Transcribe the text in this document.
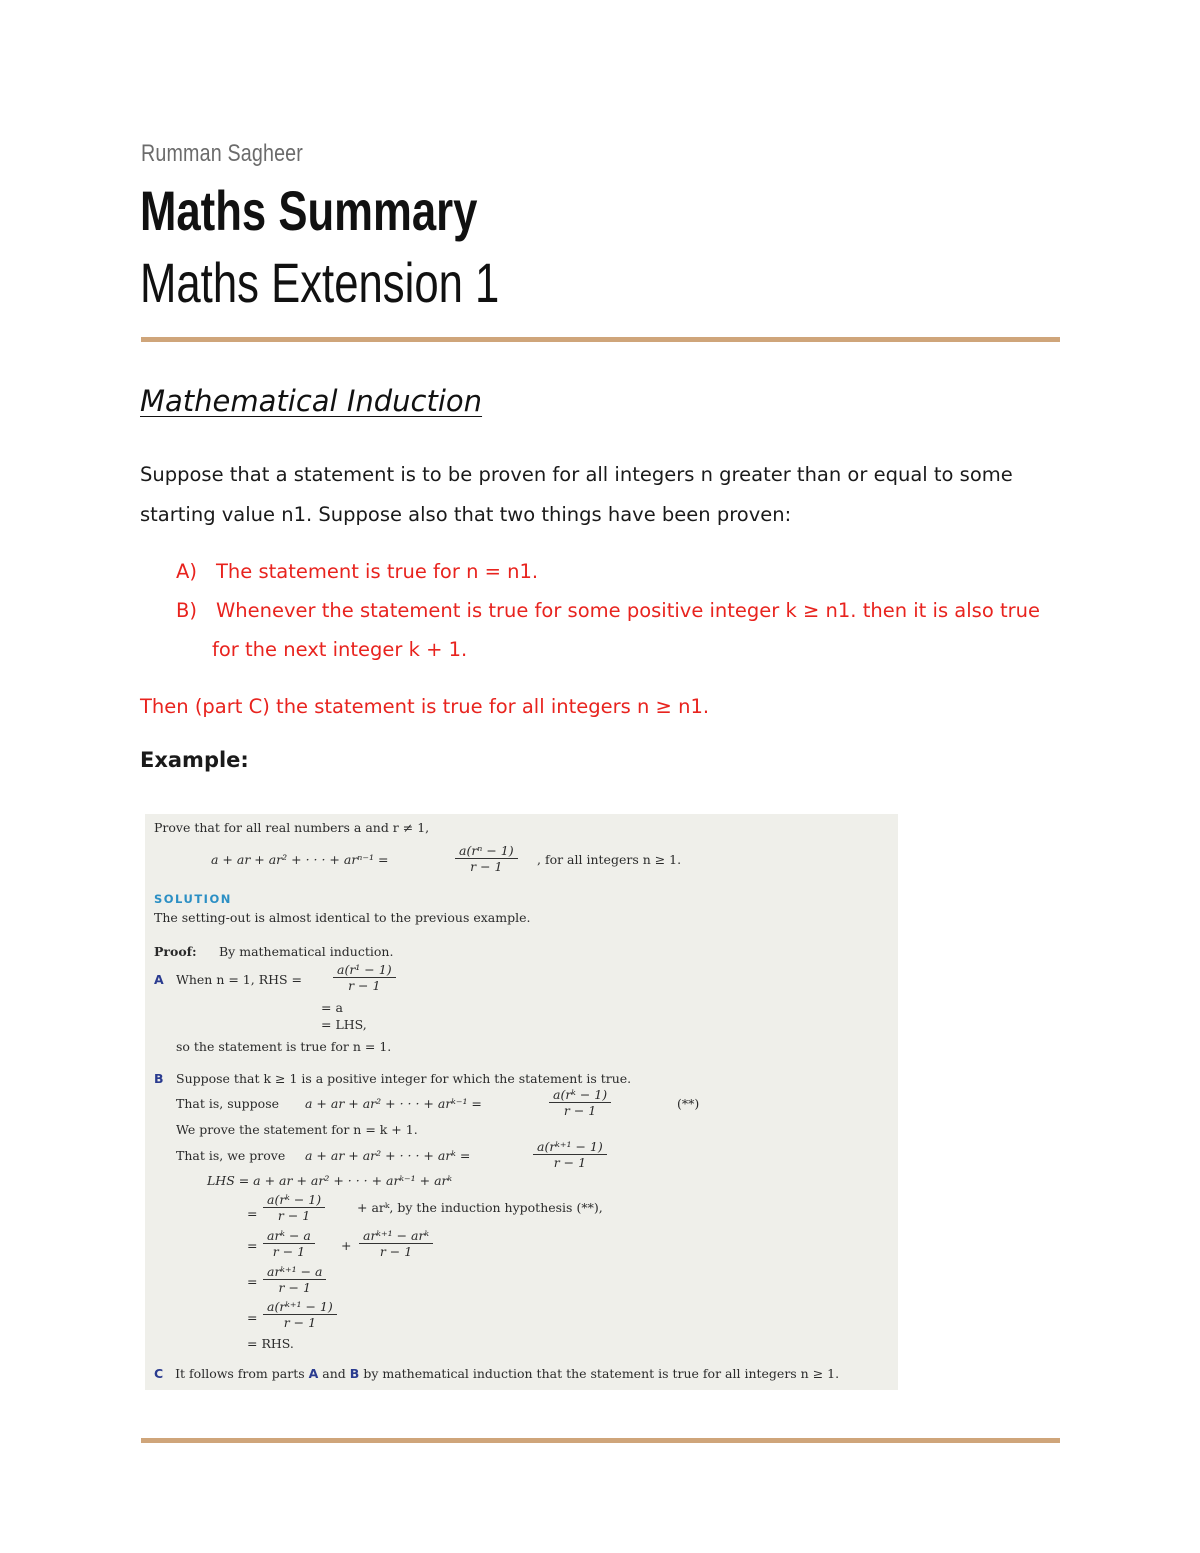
Rumman Sagheer
Maths Summary
Maths Extension 1
Mathematical Induction
Suppose that a statement is to be proven for all integers n greater than or equal to some starting value n1. Suppose also that two things have been proven:
A) The statement is true for n = n1.
B) Whenever the statement is true for some positive integer k ≥ n1. then it is also true
for the next integer k + 1.
Then (part C) the statement is true for all integers n ≥ n1.
Example:
Prove that for all real numbers a and r ≠ 1,
a + ar + ar² + · · · + arⁿ⁻¹ =	$\frac{\text{a(rⁿ − 1)}}{r - 1}$ , for all integers n ≥ 1.
SOLUTION
The setting-out is almost identical to the previous example.
Proof: By mathematical induction.
A When n = 1, RHS =	$\frac{\text{a(r¹ − 1)}}{r - 1}$
= a
= LHS,
so the statement is true for n = 1.
B Suppose that k ≥ 1 is a positive integer for which the statement is true.
That is, suppose a + ar + ar² + · · · + arᵏ⁻¹ =	$\frac{\text{a(rᵏ − 1)}}{r - 1}$	(**)
We prove the statement for n = k + 1.
That is, we prove a + ar + ar² + · · · + arᵏ =	$\frac{\text{a(rᵏ⁺¹ − 1)}}{r - 1}$
LHS = a + ar + ar² + · · · + arᵏ⁻¹ + arᵏ
= $\frac{\text{a(rᵏ − 1)}}{r - 1}$	+ arᵏ, by the induction hypothesis (**),
=
arᵏ − a
r − 1	+
arᵏ⁺¹ − arᵏ
r − 1
=
arᵏ⁺¹ − a
r − 1
= $\frac{\text{a(rᵏ⁺¹ − 1)}}{r - 1}$
= RHS.
C It follows from parts A and B by mathematical induction that the statement is true for all integers n ≥ 1.
